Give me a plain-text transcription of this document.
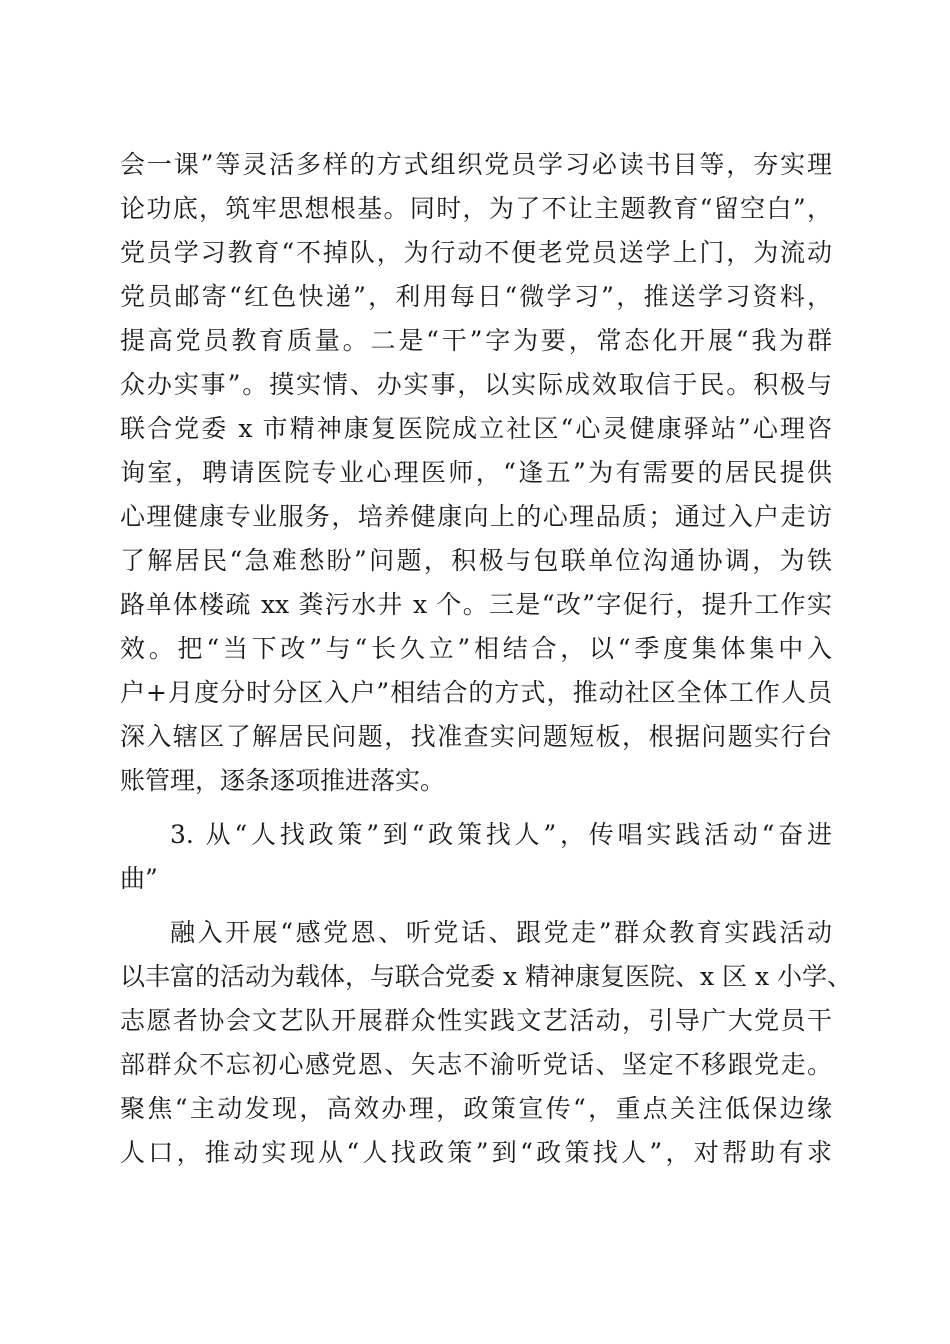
会一课”等灵活多样的方式组织党员学习必读书目等，夯实理
论功底，筑牢思想根基。同时，为了不让主题教育“留空白”，
党员学习教育“不掉队，为行动不便老党员送学上门，为流动
党员邮寄“红色快递”，利用每日“微学习”，推送学习资料，
提高党员教育质量。二是“干”字为要，常态化开展“我为群
众办实事”。摸实情、办实事，以实际成效取信于民。积极与
联合党委 x 市精神康复医院成立社区“心灵健康驿站”心理咨
询室，聘请医院专业心理医师，“逢五”为有需要的居民提供
心理健康专业服务，培养健康向上的心理品质；通过入户走访
了解居民“急难愁盼”问题，积极与包联单位沟通协调，为铁
路单体楼疏 xx 粪污水井 x 个。三是“改”字促行，提升工作实
效。把“当下改”与“长久立”相结合，以“季度集体集中入
户+月度分时分区入户”相结合的方式，推动社区全体工作人员
深入辖区了解居民问题，找准查实问题短板，根据问题实行台
账管理，逐条逐项推进落实。
3. 从“人找政策”到“政策找人”，传唱实践活动“奋进
曲”
融入开展“感党恩、听党话、跟党走”群众教育实践活动
以丰富的活动为载体，与联合党委 x 精神康复医院、x 区 x 小学、
志愿者协会文艺队开展群众性实践文艺活动，引导广大党员干
部群众不忘初心感党恩、矢志不渝听党话、坚定不移跟党走。
聚焦“主动发现，高效办理，政策宣传“，重点关注低保边缘
人口，推动实现从“人找政策”到“政策找人”，对帮助有求
